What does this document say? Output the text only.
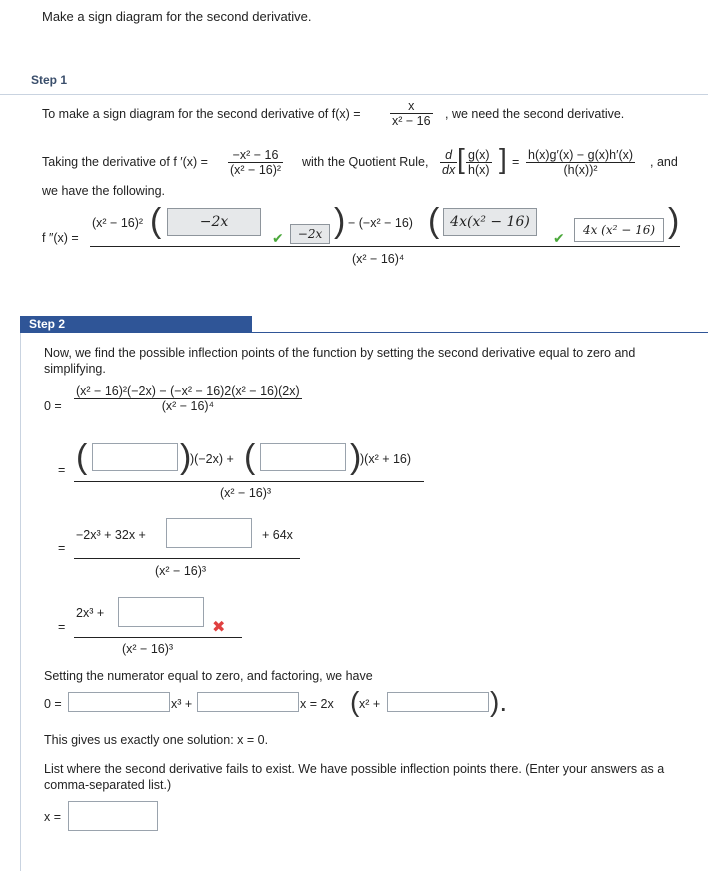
Make a sign diagram for the second derivative.
Step 1
To make a sign diagram for the second derivative of $f(x) = \frac{x}{\text{x² − 16}}$ , we need the second derivative.
Taking the derivative of f $'(x) = \frac{\text{−x² − 16}}{\text{(x² − 16)²}}$ with the Quotient Rule, $\frac{d}{dx}$ [ $\frac{g(x)}{h(x)}$ ] = $\frac{h(x)g'(x) - g(x)h'(x)}{\text{(h(x))²}}$ , and
we have the following.
f ″(x) =
(x² − 16)² (	−2x
✔	−2x ) − (−x² − 16) ( 4x(x² − 16)
✔	4x (x² − 16) )
(x² − 16)⁴
Step 2
Now, we find the possible inflection points of the function by setting the second derivative equal to zero and simplifying.
$0 = \frac{\text{(x² − 16)²(−2x) − (−x² − 16)2(x² − 16)(2x)}}{\text{(x² − 16)⁴}}$
= (	)
)(−2x) + (	)
)(x² + 16)
(x² − 16)³
=
−2x³ + 32x +	+ 64x
(x² − 16)³
=
2x³ +
✖
(x² − 16)³
Setting the numerator equal to zero, and factoring, we have
0 =	x³ +	x = 2x ( x² +	).
This gives us exactly one solution: x = 0.
List where the second derivative fails to exist. We have possible inflection points there. (Enter your answers as a comma-separated list.)
x =
